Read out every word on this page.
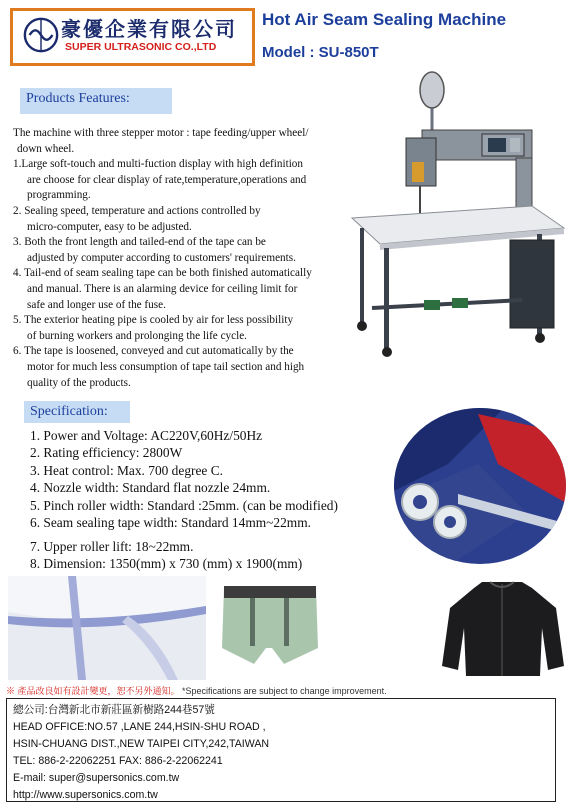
豪優企業有限公司
SUPER ULTRASONIC CO.,LTD
Hot Air Seam Sealing Machine
Model : SU-850T
Products Features:

The machine with three stepper motor : tape feeding/upper wheel/

down wheel.

1.Large soft-touch and multi-fuction display with high definition

are choose for clear display of rate,temperature,operations and

programming.

2. Sealing speed, temperature and actions controlled by

micro-computer, easy to be adjusted.

3. Both the front length and tailed-end of the tape can be

adjusted by computer according to customers' requirements.

4. Tail-end of seam sealing tape can be both finished automatically

and manual. There is an alarming device for ceiling limit for

safe and longer use of the fuse.

5. The exterior heating pipe is cooled by air for less possibility

of burning workers and prolonging the life cycle.

6. The tape is loosened, conveyed and cut automatically by the

motor for much less consumption of tape tail section and high

quality of the products.

Specification:
1. Power and Voltage: AC220V,60Hz/50Hz
2. Rating efficiency: 2800W
3. Heat control: Max. 700 degree C.
4. Nozzle width: Standard flat nozzle 24mm.
5. Pinch roller width: Standard :25mm. (can be modified)
6. Seam sealing tape width: Standard 14mm~22mm.
7. Upper roller lift: 18~22mm.
8. Dimension: 1350(mm) x 730 (mm) x 1900(mm)
※ 產品改良如有設計變更，恕不另外通知。 *Specifications are subject to change improvement.
總公司:台灣新北市新莊區新樹路244巷57號
HEAD OFFICE:NO.57 ,LANE 244,HSIN-SHU ROAD ,
HSIN-CHUANG DIST.,NEW TAIPEI CITY,242,TAIWAN
TEL: 886-2-22062251 FAX: 886-2-22062241
E-mail: super@supersonics.com.tw
http://www.supersonics.com.tw
